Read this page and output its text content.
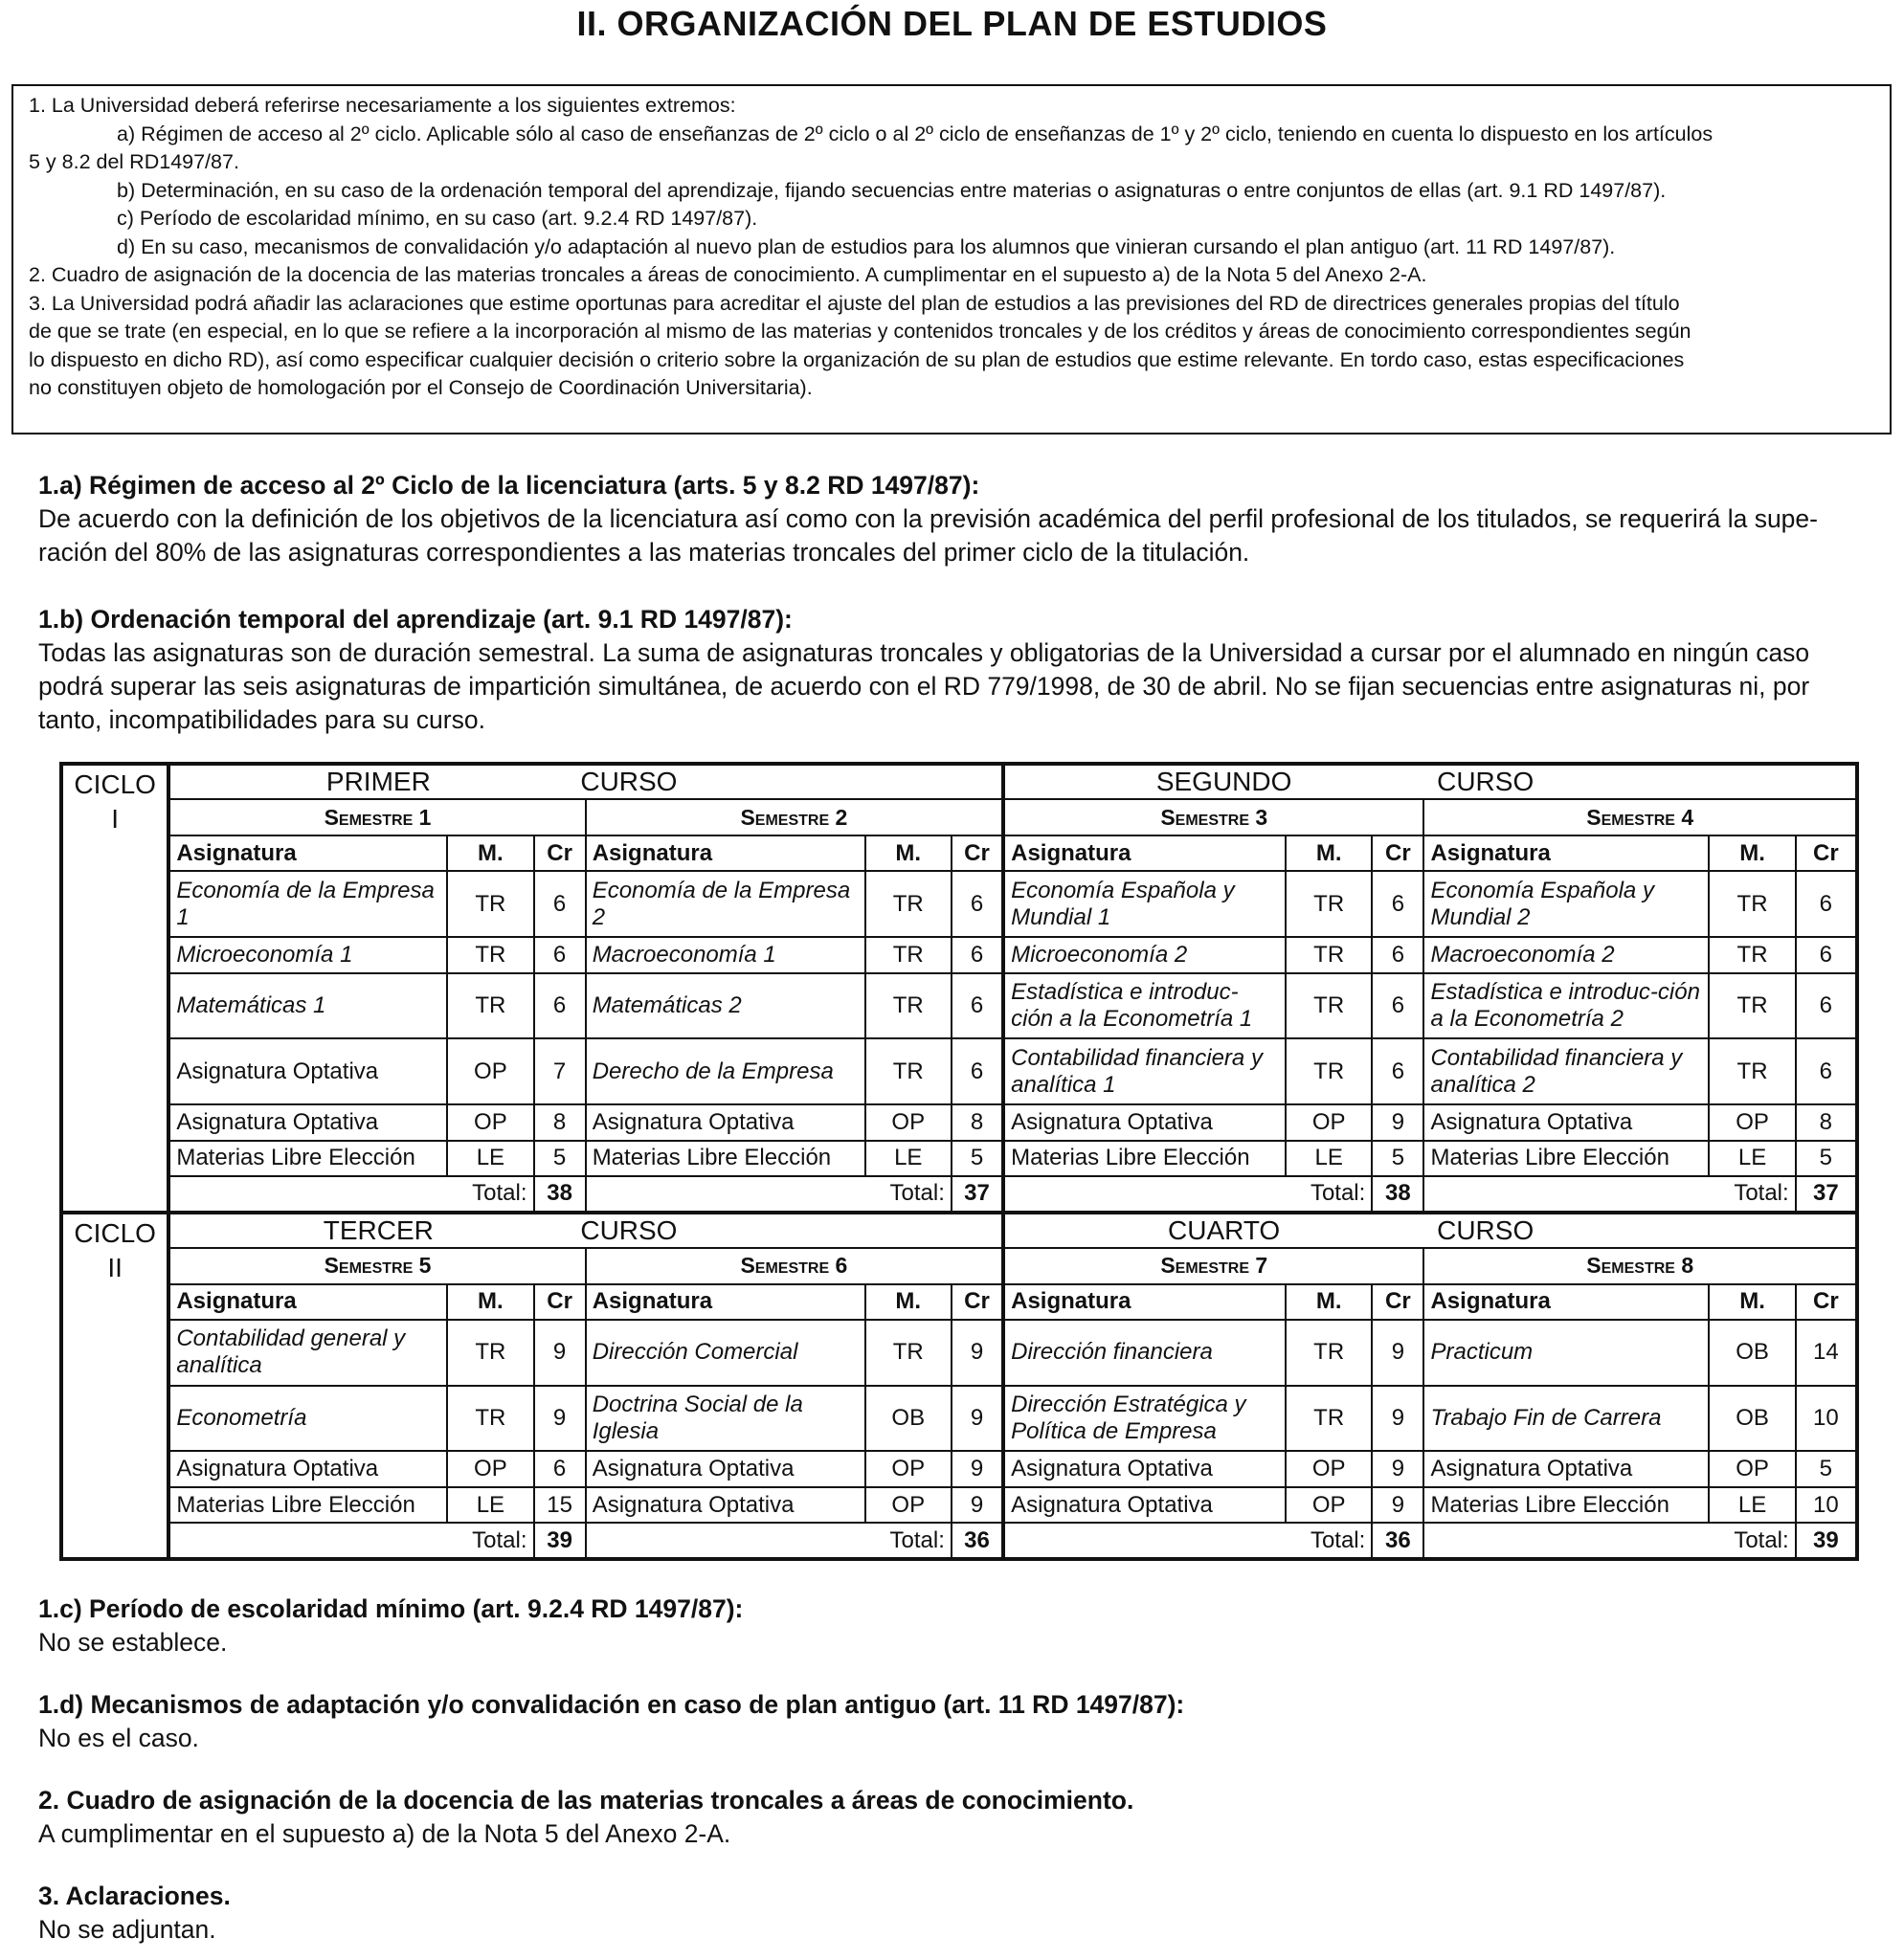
II. ORGANIZACIÓN DEL PLAN DE ESTUDIOS

1. La Universidad deberá referirse necesariamente a los siguientes extremos:

a) Régimen de acceso al 2º ciclo. Aplicable sólo al caso de enseñanzas de 2º ciclo o al 2º ciclo de enseñanzas de 1º y 2º ciclo, teniendo en cuenta lo dispuesto en los artículos

5 y 8.2 del RD1497/87.

b) Determinación, en su caso de la ordenación temporal del aprendizaje, fijando secuencias entre materias o asignaturas o entre conjuntos de ellas (art. 9.1 RD 1497/87).

c) Período de escolaridad mínimo, en su caso (art. 9.2.4 RD 1497/87).

d) En su caso, mecanismos de convalidación y/o adaptación al nuevo plan de estudios para los alumnos que vinieran cursando el plan antiguo (art. 11 RD 1497/87).

2. Cuadro de asignación de la docencia de las materias troncales a áreas de conocimiento. A cumplimentar en el supuesto a) de la Nota 5 del Anexo 2-A.

3. La Universidad podrá añadir las aclaraciones que estime oportunas para acreditar el ajuste del plan de estudios a las previsiones del RD de directrices generales propias del título

de que se trate (en especial, en lo que se refiere a la incorporación al mismo de las materias y contenidos troncales y de los créditos y áreas de conocimiento correspondientes según

lo dispuesto en dicho RD), así como especificar cualquier decisión o criterio sobre la organización de su plan de estudios que estime relevante. En tordo caso, estas especificaciones

no constituyen objeto de homologación por el Consejo de Coordinación Universitaria).

1.a) Régimen de acceso al 2º Ciclo de la licenciatura (arts. 5 y 8.2 RD 1497/87):

De acuerdo con la definición de los objetivos de la licenciatura así como con la previsión académica del perfil profesional de los titulados, se requerirá la supe-

ración del 80% de las asignaturas correspondientes a las materias troncales del primer ciclo de la titulación.

1.b) Ordenación temporal del aprendizaje (art. 9.1 RD 1497/87):

Todas las asignaturas son de duración semestral. La suma de asignaturas troncales y obligatorias de la Universidad a cursar por el alumnado en ningún caso

podrá superar las seis asignaturas de impartición simultánea, de acuerdo con el RD 779/1998, de 30 de abril. No se fijan secuencias entre asignaturas ni, por

tanto, incompatibilidades para su curso.

CICLO
I	PRIMER CURSO						SEGUNDO CURSO					
	Semestre 1			Semestre 2			Semestre 3			Semestre 4		
	Asignatura	M.	Cr	Asignatura	M.	Cr	Asignatura	M.	Cr	Asignatura	M.	Cr
	Economía de la Empresa 1	TR	6	Economía de la Empresa 2	TR	6	Economía Española y Mundial 1	TR	6	Economía Española y Mundial 2	TR	6
	Microeconomía 1	TR	6	Macroeconomía 1	TR	6	Microeconomía 2	TR	6	Macroeconomía 2	TR	6
	Matemáticas 1	TR	6	Matemáticas 2	TR	6	Estadística e introduc-ción a la Econometría 1	TR	6	Estadística e introduc-ción a la Econometría 2	TR	6
	Asignatura Optativa	OP	7	Derecho de la Empresa	TR	6	Contabilidad financiera y analítica 1	TR	6	Contabilidad financiera y analítica 2	TR	6
	Asignatura Optativa	OP	8	Asignatura Optativa	OP	8	Asignatura Optativa	OP	9	Asignatura Optativa	OP	8
	Materias Libre Elección	LE	5	Materias Libre Elección	LE	5	Materias Libre Elección	LE	5	Materias Libre Elección	LE	5
	Total:		38	Total:		37	Total:		38	Total:		37
CICLO
II	TERCER CURSO						CUARTO CURSO					
	Semestre 5			Semestre 6			Semestre 7			Semestre 8		
	Asignatura	M.	Cr	Asignatura	M.	Cr	Asignatura	M.	Cr	Asignatura	M.	Cr
	Contabilidad general y analítica	TR	9	Dirección Comercial	TR	9	Dirección financiera	TR	9	Practicum	OB	14
	Econometría	TR	9	Doctrina Social de la Iglesia	OB	9	Dirección Estratégica y Política de Empresa	TR	9	Trabajo Fin de Carrera	OB	10
	Asignatura Optativa	OP	6	Asignatura Optativa	OP	9	Asignatura Optativa	OP	9	Asignatura Optativa	OP	5
	Materias Libre Elección	LE	15	Asignatura Optativa	OP	9	Asignatura Optativa	OP	9	Materias Libre Elección	LE	10
	Total:		39	Total:		36	Total:		36	Total:		39

1.c) Período de escolaridad mínimo (art. 9.2.4 RD 1497/87):

No se establece.

1.d) Mecanismos de adaptación y/o convalidación en caso de plan antiguo (art. 11 RD 1497/87):

No es el caso.

2. Cuadro de asignación de la docencia de las materias troncales a áreas de conocimiento.

A cumplimentar en el supuesto a) de la Nota 5 del Anexo 2-A.

3. Aclaraciones.

No se adjuntan.
